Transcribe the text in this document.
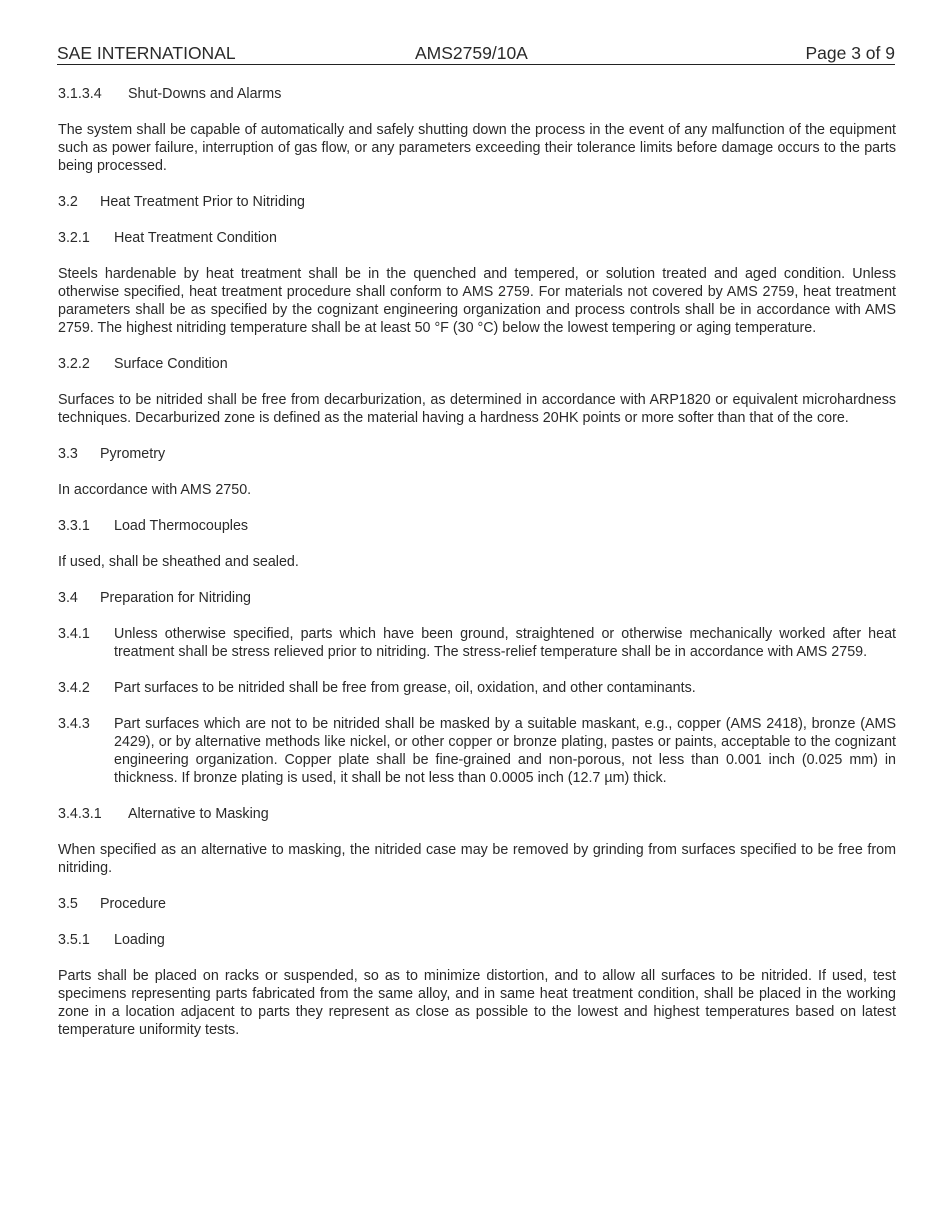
SAE INTERNATIONAL	AMS2759/10A	Page 3 of 9
3.1.3.4	Shut-Downs and Alarms

The system shall be capable of automatically and safely shutting down the process in the event of any malfunction of the equipment such as power failure, interruption of gas flow, or any parameters exceeding their tolerance limits before damage occurs to the parts being processed.

3.2	Heat Treatment Prior to Nitriding
3.2.1	Heat Treatment Condition

Steels hardenable by heat treatment shall be in the quenched and tempered, or solution treated and aged condition. Unless otherwise specified, heat treatment procedure shall conform to AMS 2759. For materials not covered by AMS 2759, heat treatment parameters shall be as specified by the cognizant engineering organization and process controls shall be in accordance with AMS 2759. The highest nitriding temperature shall be at least 50 °F (30 °C) below the lowest tempering or aging temperature.

3.2.2	Surface Condition

Surfaces to be nitrided shall be free from decarburization, as determined in accordance with ARP1820 or equivalent microhardness techniques. Decarburized zone is defined as the material having a hardness 20HK points or more softer than that of the core.

3.3	Pyrometry

In accordance with AMS 2750.

3.3.1	Load Thermocouples

If used, shall be sheathed and sealed.

3.4	Preparation for Nitriding
3.4.1	Unless otherwise specified, parts which have been ground, straightened or otherwise mechanically worked after heat treatment shall be stress relieved prior to nitriding. The stress-relief temperature shall be in accordance with AMS 2759.
3.4.2	Part surfaces to be nitrided shall be free from grease, oil, oxidation, and other contaminants.
3.4.3	Part surfaces which are not to be nitrided shall be masked by a suitable maskant, e.g., copper (AMS 2418), bronze (AMS 2429), or by alternative methods like nickel, or other copper or bronze plating, pastes or paints, acceptable to the cognizant engineering organization. Copper plate shall be fine-grained and non-porous, not less than 0.001 inch (0.025 mm) in thickness. If bronze plating is used, it shall be not less than 0.0005 inch (12.7 µm) thick.
3.4.3.1	Alternative to Masking

When specified as an alternative to masking, the nitrided case may be removed by grinding from surfaces specified to be free from nitriding.

3.5	Procedure
3.5.1	Loading

Parts shall be placed on racks or suspended, so as to minimize distortion, and to allow all surfaces to be nitrided. If used, test specimens representing parts fabricated from the same alloy, and in same heat treatment condition, shall be placed in the working zone in a location adjacent to parts they represent as close as possible to the lowest and highest temperatures based on latest temperature uniformity tests.
